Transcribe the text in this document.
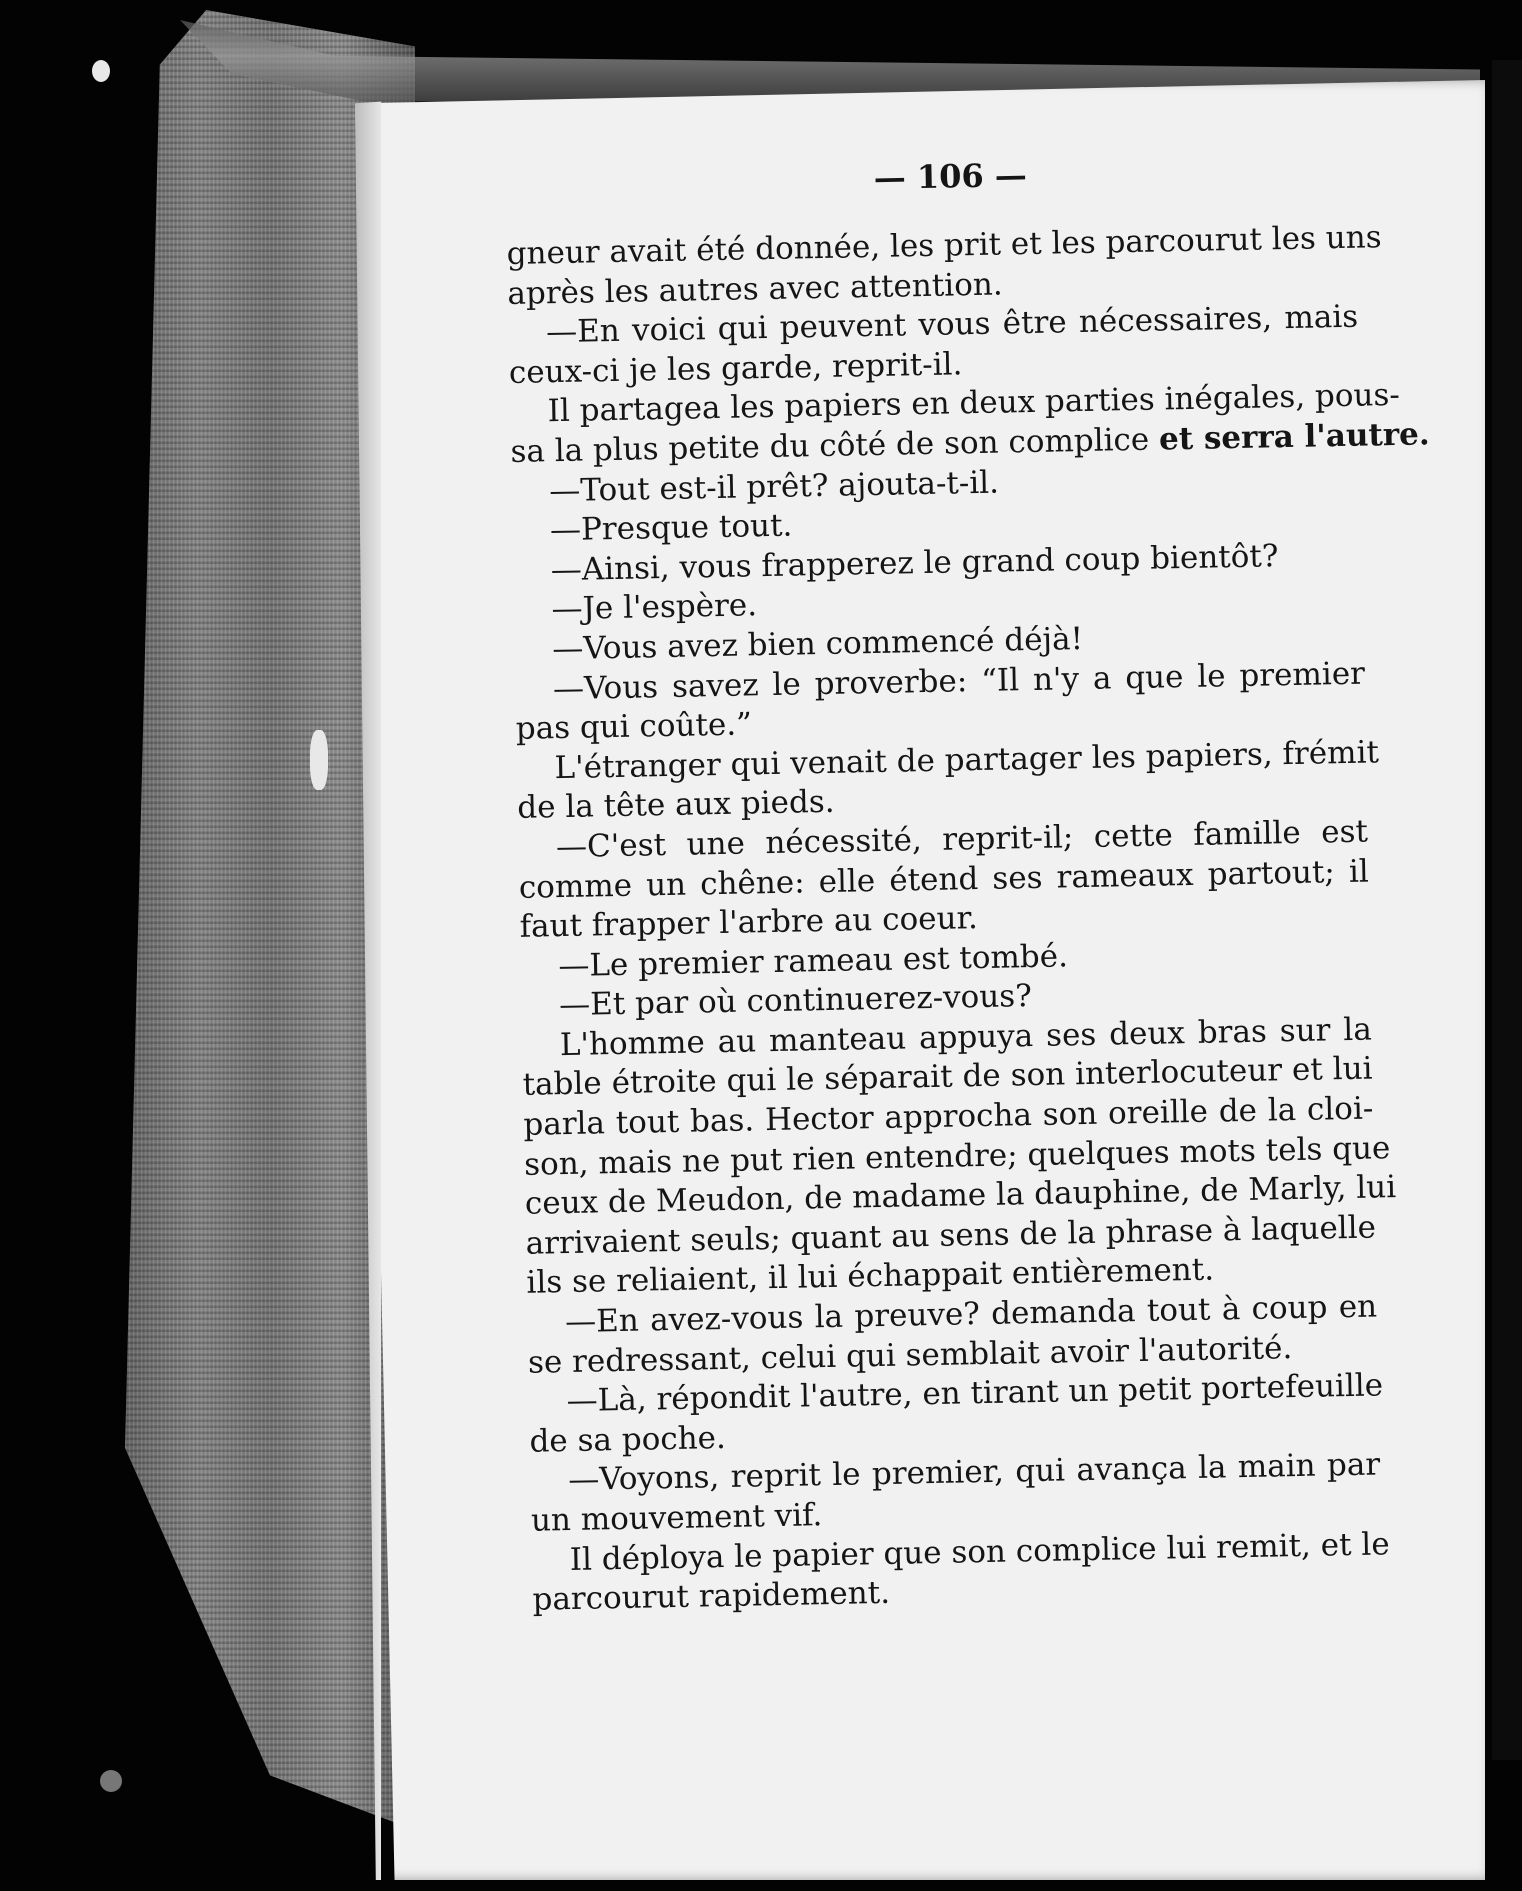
— 106 —
gneur avait été donnée, les prit et les parcourut les uns
après les autres avec attention.
—En voici qui peuvent vous être nécessaires, mais
ceux-ci je les garde, reprit-il.
Il partagea les papiers en deux parties inégales, pous-
sa la plus petite du côté de son complice et serra l'autre.
—Tout est-il prêt? ajouta-t-il.
—Presque tout.
—Ainsi, vous frapperez le grand coup bientôt?
—Je l'espère.
—Vous avez bien commencé déjà!
—Vous savez le proverbe: “Il n'y a que le premier
pas qui coûte.”
L'étranger qui venait de partager les papiers, frémit
de la tête aux pieds.
—C'est une nécessité, reprit-il; cette famille est
comme un chêne: elle étend ses rameaux partout; il
faut frapper l'arbre au coeur.
—Le premier rameau est tombé.
—Et par où continuerez-vous?
L'homme au manteau appuya ses deux bras sur la
table étroite qui le séparait de son interlocuteur et lui
parla tout bas. Hector approcha son oreille de la cloi-
son, mais ne put rien entendre; quelques mots tels que
ceux de Meudon, de madame la dauphine, de Marly, lui
arrivaient seuls; quant au sens de la phrase à laquelle
ils se reliaient, il lui échappait entièrement.
—En avez-vous la preuve? demanda tout à coup en
se redressant, celui qui semblait avoir l'autorité.
—Là, répondit l'autre, en tirant un petit portefeuille
de sa poche.
—Voyons, reprit le premier, qui avança la main par
un mouvement vif.
Il déploya le papier que son complice lui remit, et le
parcourut rapidement.
